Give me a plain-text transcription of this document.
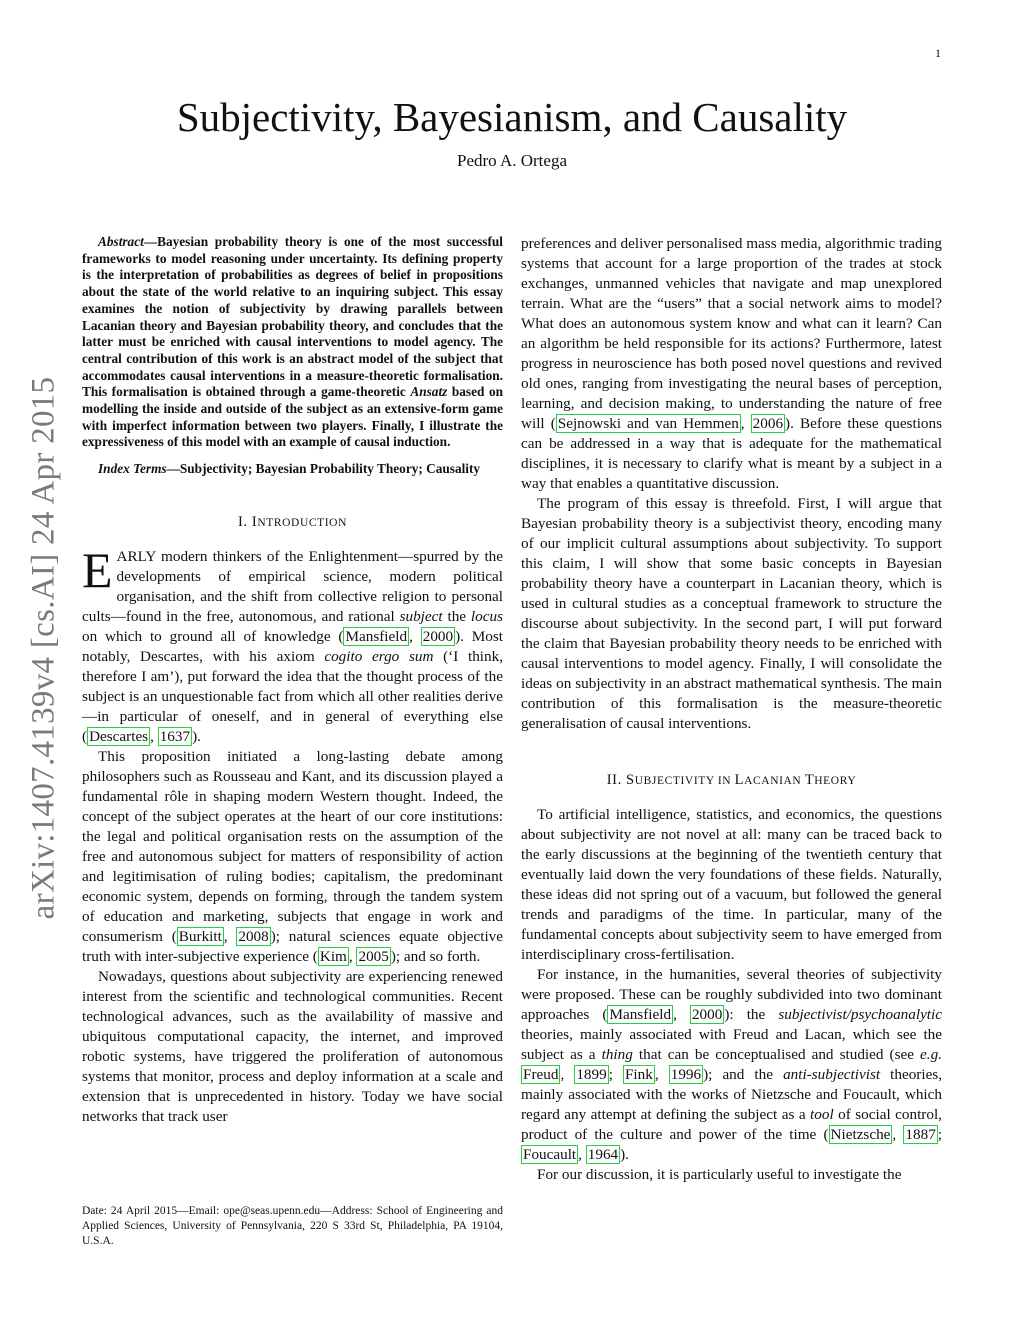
1
arXiv:1407.4139v4 [cs.AI] 24 Apr 2015
Subjectivity, Bayesianism, and Causality
Pedro A. Ortega

Abstract—Bayesian probability theory is one of the most successful frameworks to model reasoning under uncertainty. Its defining property is the interpretation of probabilities as degrees of belief in propositions about the state of the world relative to an inquiring subject. This essay examines the notion of subjectivity by drawing parallels between Lacanian theory and Bayesian probability theory, and concludes that the latter must be enriched with causal interventions to model agency. The central contribution of this work is an abstract model of the subject that accommodates causal interventions in a measure-theoretic formalisation. This formalisation is obtained through a game-theoretic Ansatz based on modelling the inside and outside of the subject as an extensive-form game with imperfect information between two players. Finally, I illustrate the expressiveness of this model with an example of causal induction.

Index Terms—Subjectivity; Bayesian Probability Theory; Causality

I. INTRODUCTION

EARLY modern thinkers of the Enlightenment—spurred by the developments of empirical science, modern political organisation, and the shift from collective religion to personal cults—found in the free, autonomous, and rational subject the locus on which to ground all of knowledge ( Mansfield , 2000 ). Most notably, Descartes, with his axiom cogito ergo sum (‘I think, therefore I am’), put forward the idea that the thought process of the subject is an unquestionable fact from which all other realities derive—in particular of oneself, and in general of everything else ( Descartes , 1637 ).

This proposition initiated a long-lasting debate among philosophers such as Rousseau and Kant, and its discussion played a fundamental rôle in shaping modern Western thought. Indeed, the concept of the subject operates at the heart of our core institutions: the legal and political organisation rests on the assumption of the free and autonomous subject for matters of responsibility of action and legitimisation of ruling bodies; capitalism, the predominant economic system, depends on forming, through the tandem system of education and marketing, subjects that engage in work and consumerism ( Burkitt , 2008 ); natural sciences equate objective truth with inter-subjective experience ( Kim , 2005 ); and so forth.

Nowadays, questions about subjectivity are experiencing renewed interest from the scientific and technological communities. Recent technological advances, such as the availability of massive and ubiquitous computational capacity, the internet, and improved robotic systems, have triggered the proliferation of autonomous systems that monitor, process and deploy information at a scale and extension that is unprecedented in history. Today we have social networks that track user

preferences and deliver personalised mass media, algorithmic trading systems that account for a large proportion of the trades at stock exchanges, unmanned vehicles that navigate and map unexplored terrain. What are the “users” that a social network aims to model? What does an autonomous system know and what can it learn? Can an algorithm be held responsible for its actions? Furthermore, latest progress in neuroscience has both posed novel questions and revived old ones, ranging from investigating the neural bases of perception, learning, and decision making, to understanding the nature of free will ( Sejnowski and van Hemmen , 2006 ). Before these questions can be addressed in a way that is adequate for the mathematical disciplines, it is necessary to clarify what is meant by a subject in a way that enables a quantitative discussion.

The program of this essay is threefold. First, I will argue that Bayesian probability theory is a subjectivist theory, encoding many of our implicit cultural assumptions about subjectivity. To support this claim, I will show that some basic concepts in Bayesian probability theory have a counterpart in Lacanian theory, which is used in cultural studies as a conceptual framework to structure the discourse about subjectivity. In the second part, I will put forward the claim that Bayesian probability theory needs to be enriched with causal interventions to model agency. Finally, I will consolidate the ideas on subjectivity in an abstract mathematical synthesis. The main contribution of this formalisation is the measure-theoretic generalisation of causal interventions.

II. SUBJECTIVITY IN LACANIAN THEORY

To artificial intelligence, statistics, and economics, the questions about subjectivity are not novel at all: many can be traced back to the early discussions at the beginning of the twentieth century that eventually laid down the very foundations of these fields. Naturally, these ideas did not spring out of a vacuum, but followed the general trends and paradigms of the time. In particular, many of the fundamental concepts about subjectivity seem to have emerged from interdisciplinary cross-fertilisation.

For instance, in the humanities, several theories of subjectivity were proposed. These can be roughly subdivided into two dominant approaches ( Mansfield , 2000 ): the subjectivist/psychoanalytic theories, mainly associated with Freud and Lacan, which see the subject as a thing that can be conceptualised and studied (see e.g. Freud , 1899 ; Fink , 1996 ); and the anti-subjectivist theories, mainly associated with the works of Nietzsche and Foucault, which regard any attempt at defining the subject as a tool of social control, product of the culture and power of the time ( Nietzsche , 1887 ; Foucault , 1964 ).

For our discussion, it is particularly useful to investigate the

Date: 24 April 2015—Email: ope@seas.upenn.edu—Address: School of Engineering and Applied Sciences, University of Pennsylvania, 220 S 33rd St, Philadelphia, PA 19104, U.S.A.
